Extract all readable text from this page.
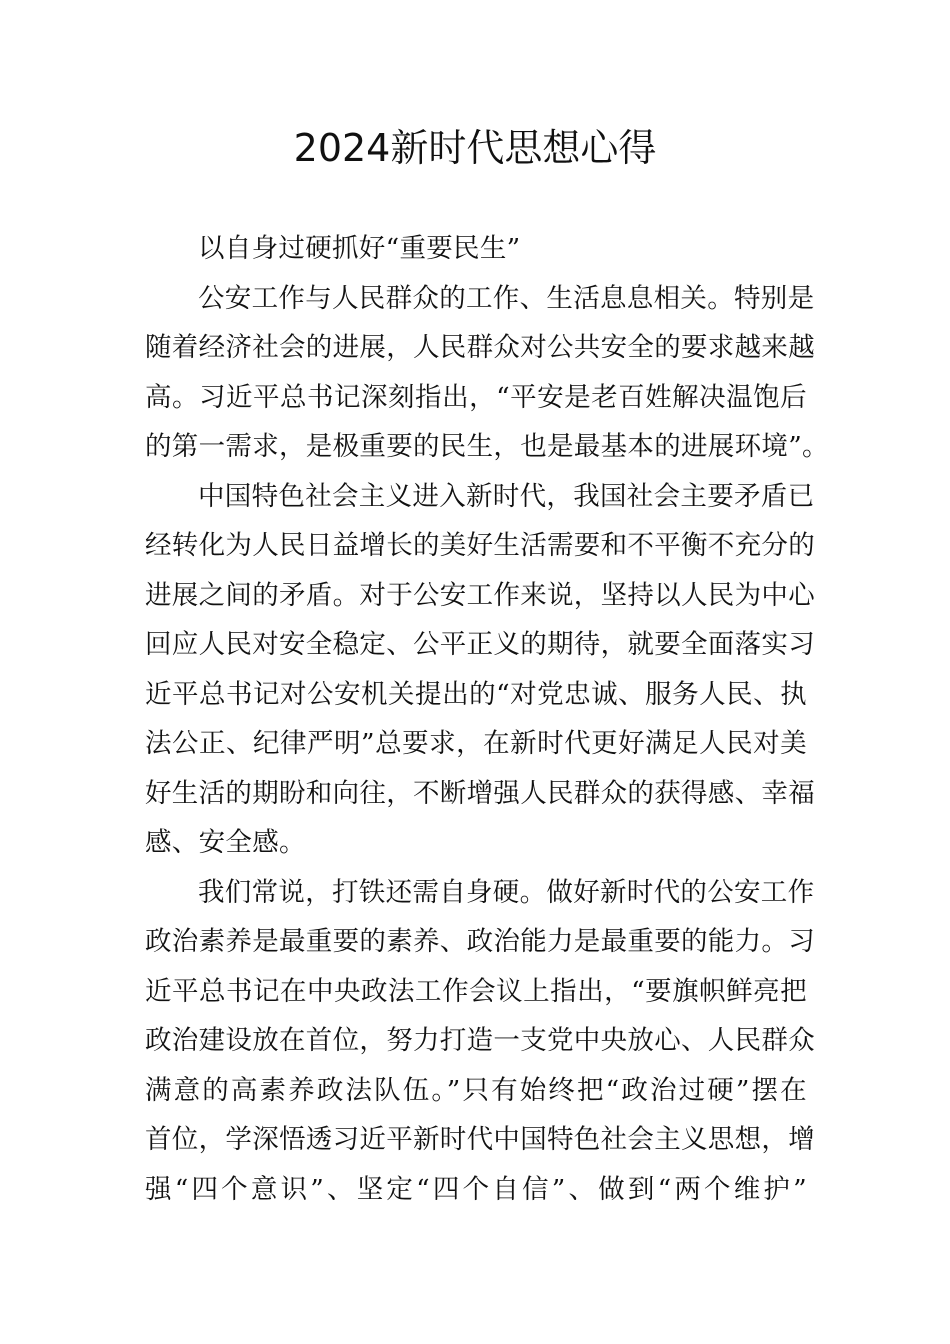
2024新时代思想心得

以自身过硬抓好“重要民生”

公安工作与人民群众的工作、生活息息相关。特别是
随着经济社会的进展，人民群众对公共安全的要求越来越
高。习近平总书记深刻指出，“平安是老百姓解决温饱后
的第一需求，是极重要的民生，也是最基本的进展环境”。
中国特色社会主义进入新时代，我国社会主要矛盾已
经转化为人民日益增长的美好生活需要和不平衡不充分的
进展之间的矛盾。对于公安工作来说，坚持以人民为中心
回应人民对安全稳定、公平正义的期待，就要全面落实习
近平总书记对公安机关提出的“对党忠诚、服务人民、执
法公正、纪律严明”总要求，在新时代更好满足人民对美
好生活的期盼和向往，不断增强人民群众的获得感、幸福
感、安全感。
我们常说，打铁还需自身硬。做好新时代的公安工作
政治素养是最重要的素养、政治能力是最重要的能力。习
近平总书记在中央政法工作会议上指出，“要旗帜鲜亮把
政治建设放在首位，努力打造一支党中央放心、人民群众
满意的高素养政法队伍。”只有始终把“政治过硬”摆在
首位，学深悟透习近平新时代中国特色社会主义思想，增
强“四个意识”、坚定“四个自信”、做到“两个维护”
